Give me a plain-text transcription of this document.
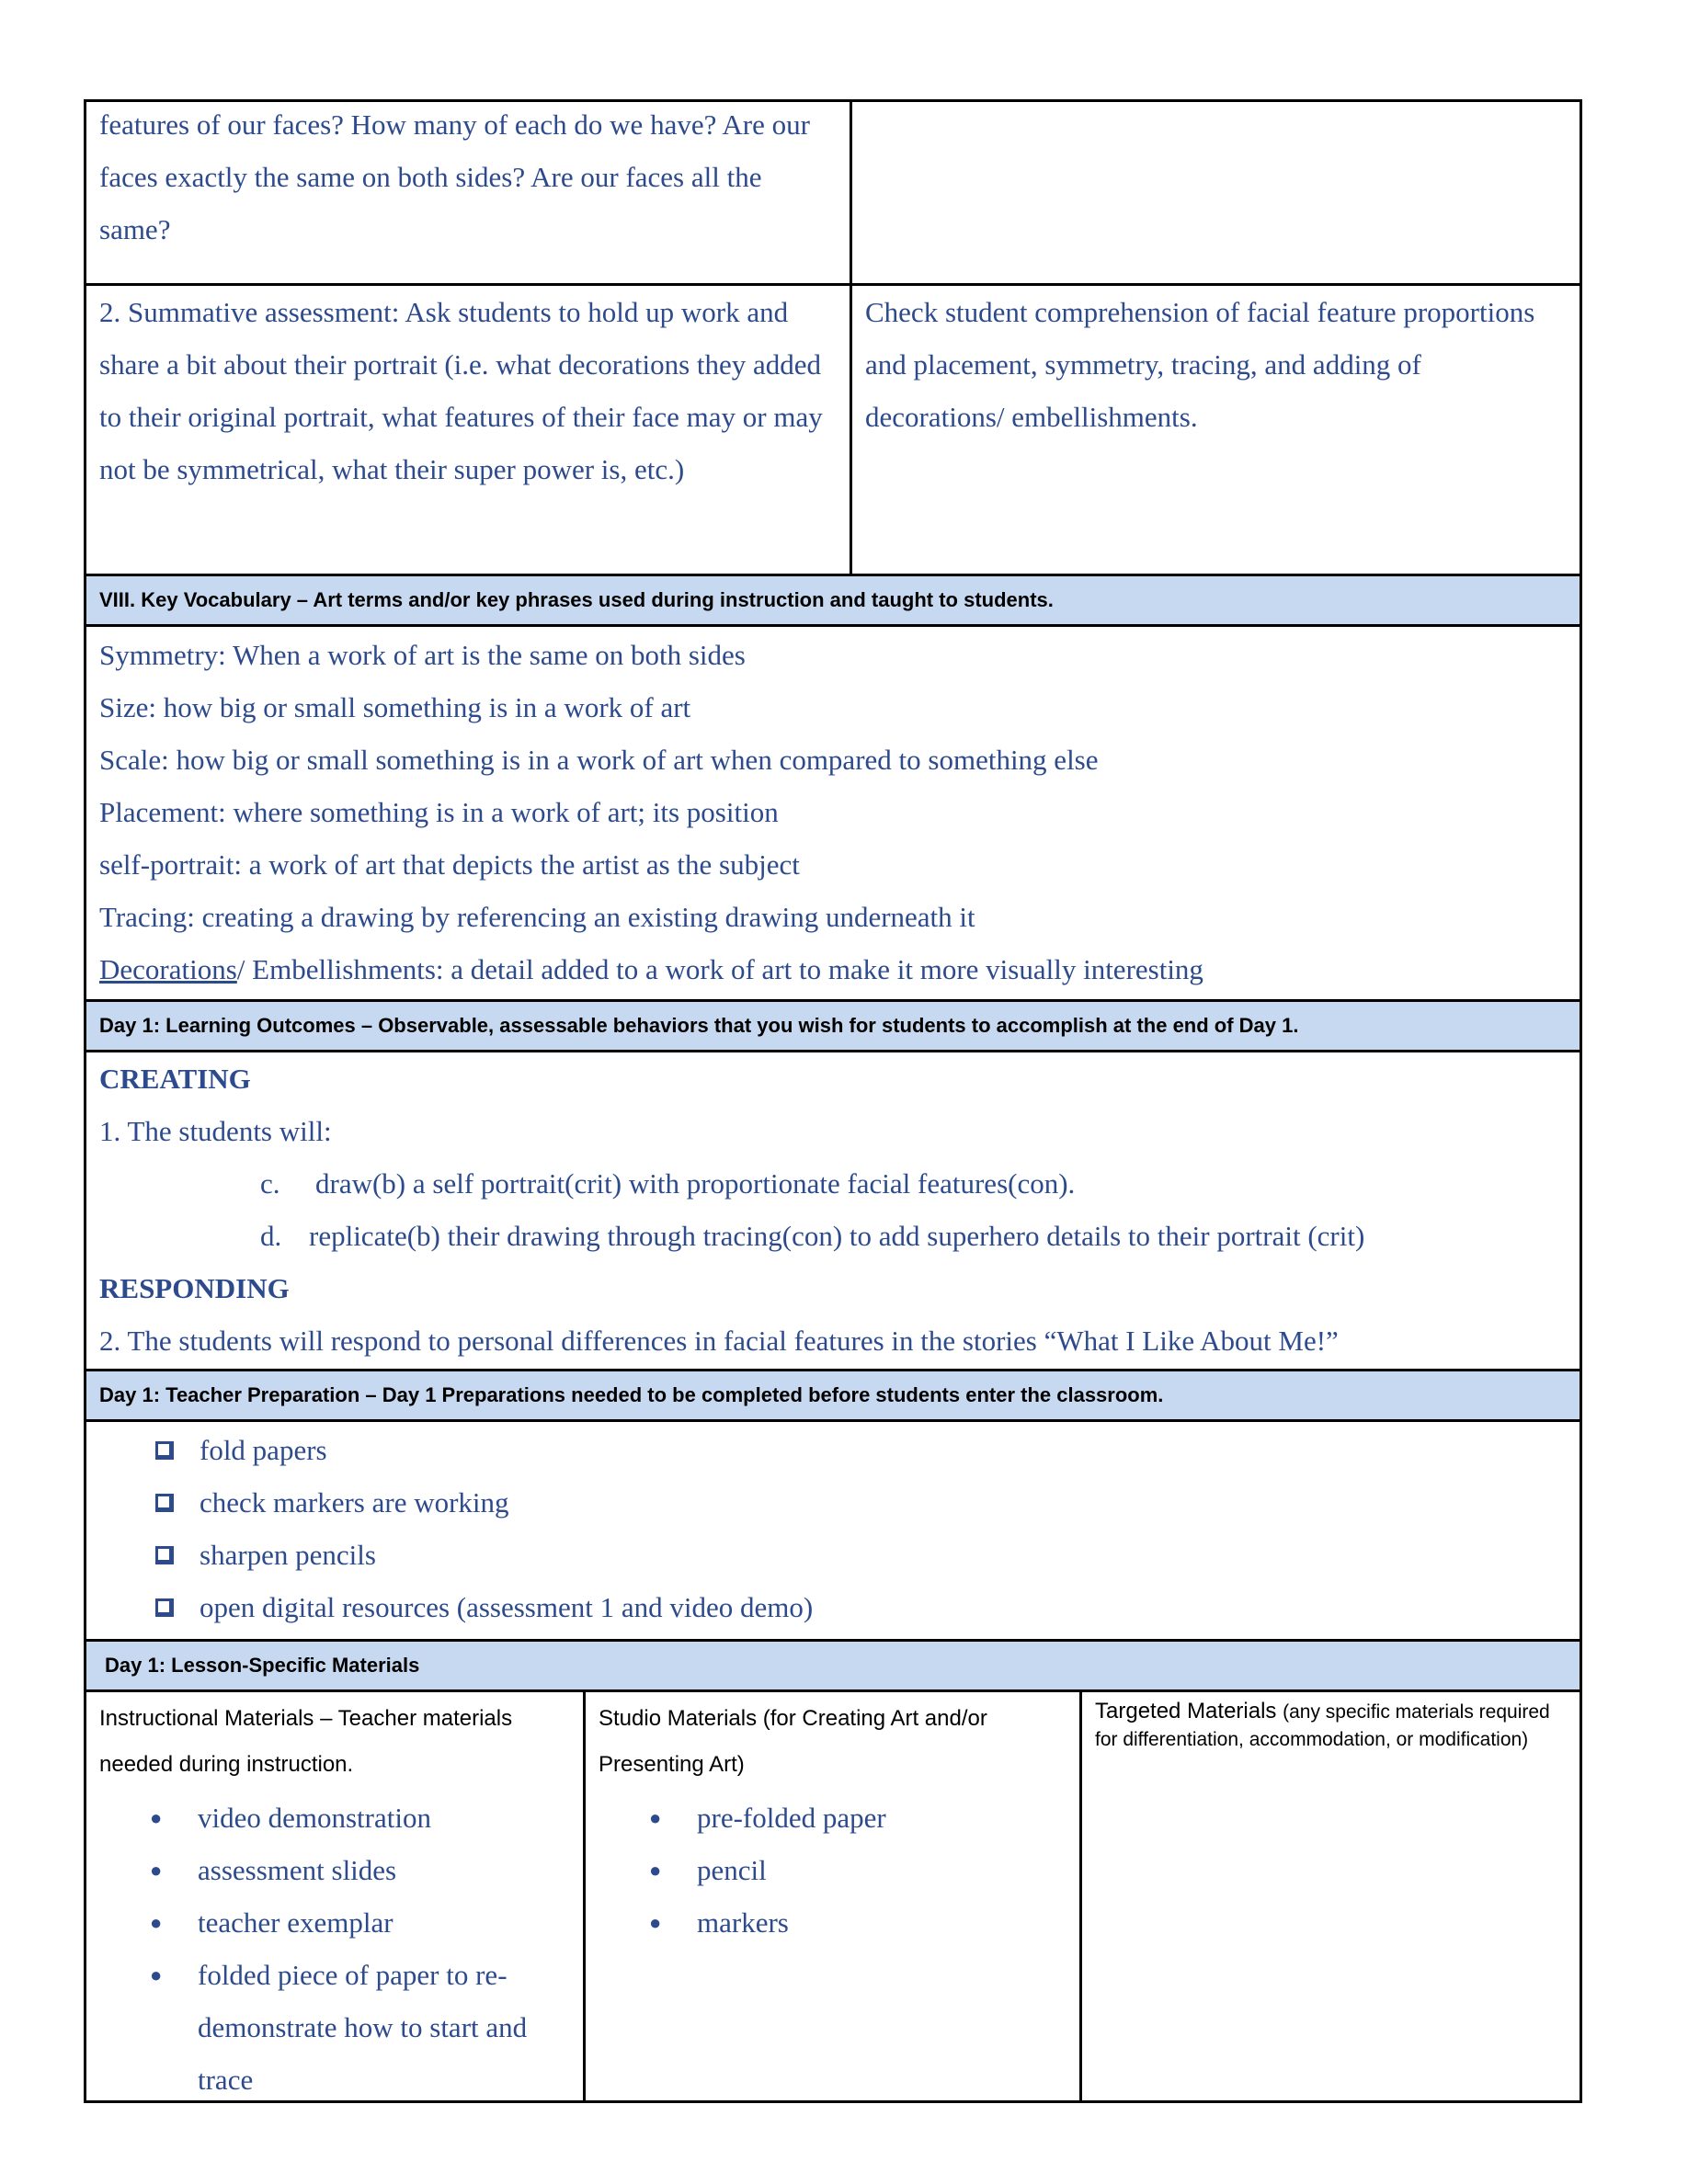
features of our faces? How many of each do we have? Are our faces exactly the same on both sides? Are our faces all the same?
2. Summative assessment: Ask students to hold up work and share a bit about their portrait (i.e. what decorations they added to their original portrait, what features of their face may or may not be symmetrical, what their super power is, etc.)
Check student comprehension of facial feature proportions and placement, symmetry, tracing, and adding of decorations/ embellishments.
VIII. Key Vocabulary – Art terms and/or key phrases used during instruction and taught to students.
Symmetry: When a work of art is the same on both sides
Size: how big or small something is in a work of art
Scale: how big or small something is in a work of art when compared to something else
Placement: where something is in a work of art; its position
self-portrait: a work of art that depicts the artist as the subject
Tracing: creating a drawing by referencing an existing drawing underneath it
Decorations/ Embellishments: a detail added to a work of art to make it more visually interesting
Day 1: Learning Outcomes – Observable, assessable behaviors that you wish for students to accomplish at the end of Day 1.
CREATING
1. The students will:
c. draw(b) a self portrait(crit) with proportionate facial features(con).
d. replicate(b) their drawing through tracing(con) to add superhero details to their portrait (crit)
RESPONDING
2. The students will respond to personal differences in facial features in the stories “What I Like About Me!”
Day 1: Teacher Preparation – Day 1 Preparations needed to be completed before students enter the classroom.
fold papers
check markers are working
sharpen pencils
open digital resources (assessment 1 and video demo)
Day 1: Lesson-Specific Materials
Instructional Materials – Teacher materials
needed during instruction.
● video demonstration
● assessment slides
● teacher exemplar
● folded piece of paper to re-demonstrate how to start and trace
Studio Materials (for Creating Art and/or
Presenting Art)
● pre-folded paper
● pencil
● markers
Targeted Materials (any specific materials required for differentiation, accommodation, or modification)
